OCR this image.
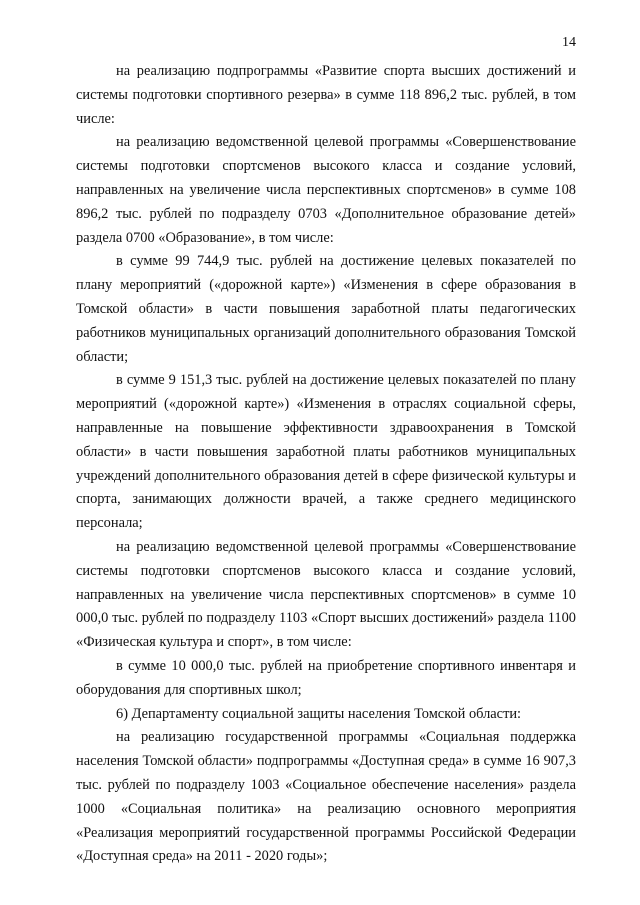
14

на реализацию подпрограммы «Развитие спорта высших достижений и системы подготовки спортивного резерва» в сумме 118 896,2 тыс. рублей, в том числе:

на реализацию ведомственной целевой программы «Совершенствование системы подготовки спортсменов высокого класса и создание условий, направленных на увеличение числа перспективных спортсменов» в сумме 108 896,2 тыс. рублей по подразделу 0703 «Дополнительное образование детей» раздела 0700 «Образование», в том числе:

в сумме 99 744,9 тыс. рублей на достижение целевых показателей по плану мероприятий («дорожной карте») «Изменения в сфере образования в Томской области» в части повышения заработной платы педагогических работников муниципальных организаций дополнительного образования Томской области;

в сумме 9 151,3 тыс. рублей на достижение целевых показателей по плану мероприятий («дорожной карте») «Изменения в отраслях социальной сферы, направленные на повышение эффективности здравоохранения в Томской области» в части повышения заработной платы работников муниципальных учреждений дополнительного образования детей в сфере физической культуры и спорта, занимающих должности врачей, а также среднего медицинского персонала;

на реализацию ведомственной целевой программы «Совершенствование системы подготовки спортсменов высокого класса и создание условий, направленных на увеличение числа перспективных спортсменов» в сумме 10 000,0 тыс. рублей по подразделу 1103 «Спорт высших достижений» раздела 1100 «Физическая культура и спорт», в том числе:

в сумме 10 000,0 тыс. рублей на приобретение спортивного инвентаря и оборудования для спортивных школ;

6) Департаменту социальной защиты населения Томской области:

на реализацию государственной программы «Социальная поддержка населения Томской области» подпрограммы «Доступная среда» в сумме 16 907,3 тыс. рублей по подразделу 1003 «Социальное обеспечение населения» раздела 1000 «Социальная политика» на реализацию основного мероприятия «Реализация мероприятий государственной программы Российской Федерации «Доступная среда» на 2011 - 2020 годы»;
